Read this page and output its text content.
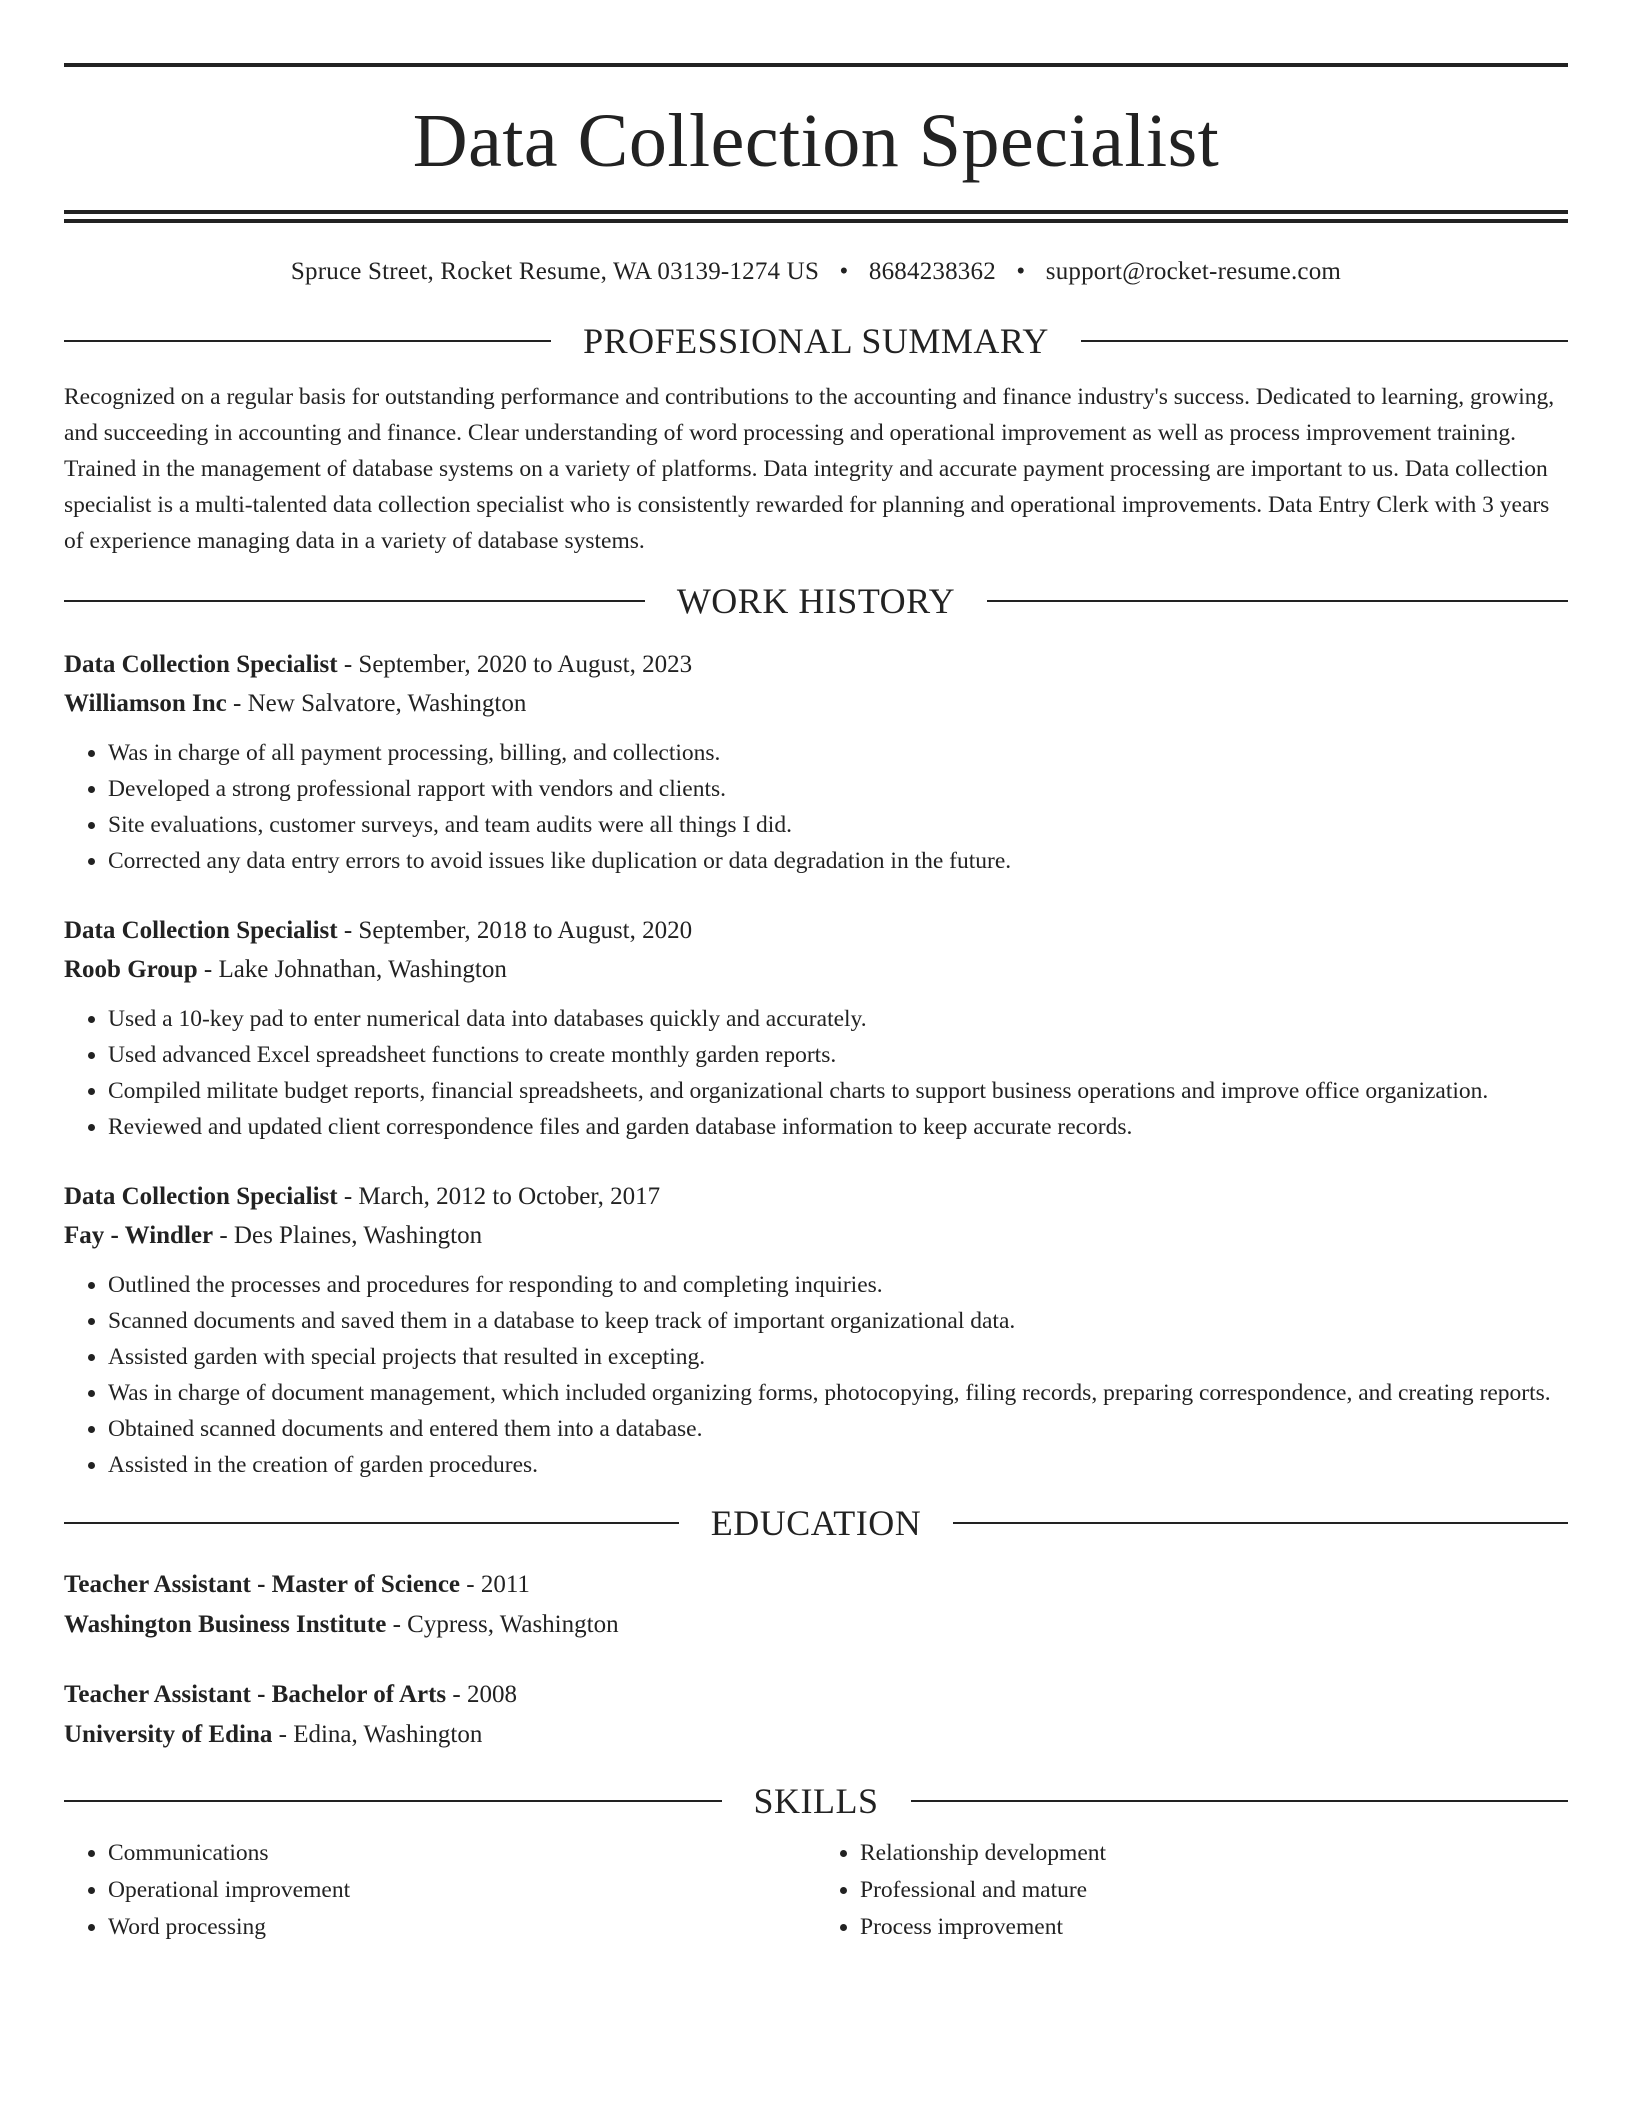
Data Collection Specialist
Spruce Street, Rocket Resume, WA 03139-1274 US • 8684238362 • support@rocket-resume.com
PROFESSIONAL SUMMARY

Recognized on a regular basis for outstanding performance and contributions to the accounting and finance industry's success. Dedicated to learning, growing, and succeeding in accounting and finance. Clear understanding of word processing and operational improvement as well as process improvement training. Trained in the management of database systems on a variety of platforms. Data integrity and accurate payment processing are important to us. Data collection specialist is a multi-talented data collection specialist who is consistently rewarded for planning and operational improvements. Data Entry Clerk with 3 years of experience managing data in a variety of database systems.

WORK HISTORY
Data Collection Specialist - September, 2020 to August, 2023
Williamson Inc - New Salvatore, Washington
• Was in charge of all payment processing, billing, and collections.
• Developed a strong professional rapport with vendors and clients.
• Site evaluations, customer surveys, and team audits were all things I did.
• Corrected any data entry errors to avoid issues like duplication or data degradation in the future.
Data Collection Specialist - September, 2018 to August, 2020
Roob Group - Lake Johnathan, Washington
• Used a 10-key pad to enter numerical data into databases quickly and accurately.
• Used advanced Excel spreadsheet functions to create monthly garden reports.
• Compiled militate budget reports, financial spreadsheets, and organizational charts to support business operations and improve office organization.
• Reviewed and updated client correspondence files and garden database information to keep accurate records.
Data Collection Specialist - March, 2012 to October, 2017
Fay - Windler - Des Plaines, Washington
• Outlined the processes and procedures for responding to and completing inquiries.
• Scanned documents and saved them in a database to keep track of important organizational data.
• Assisted garden with special projects that resulted in excepting.
• Was in charge of document management, which included organizing forms, photocopying, filing records, preparing correspondence, and creating reports.
• Obtained scanned documents and entered them into a database.
• Assisted in the creation of garden procedures.
EDUCATION
Teacher Assistant - Master of Science - 2011
Washington Business Institute - Cypress, Washington
Teacher Assistant - Bachelor of Arts - 2008
University of Edina - Edina, Washington
SKILLS
• Communications
• Operational improvement
• Word processing
• Relationship development
• Professional and mature
• Process improvement
